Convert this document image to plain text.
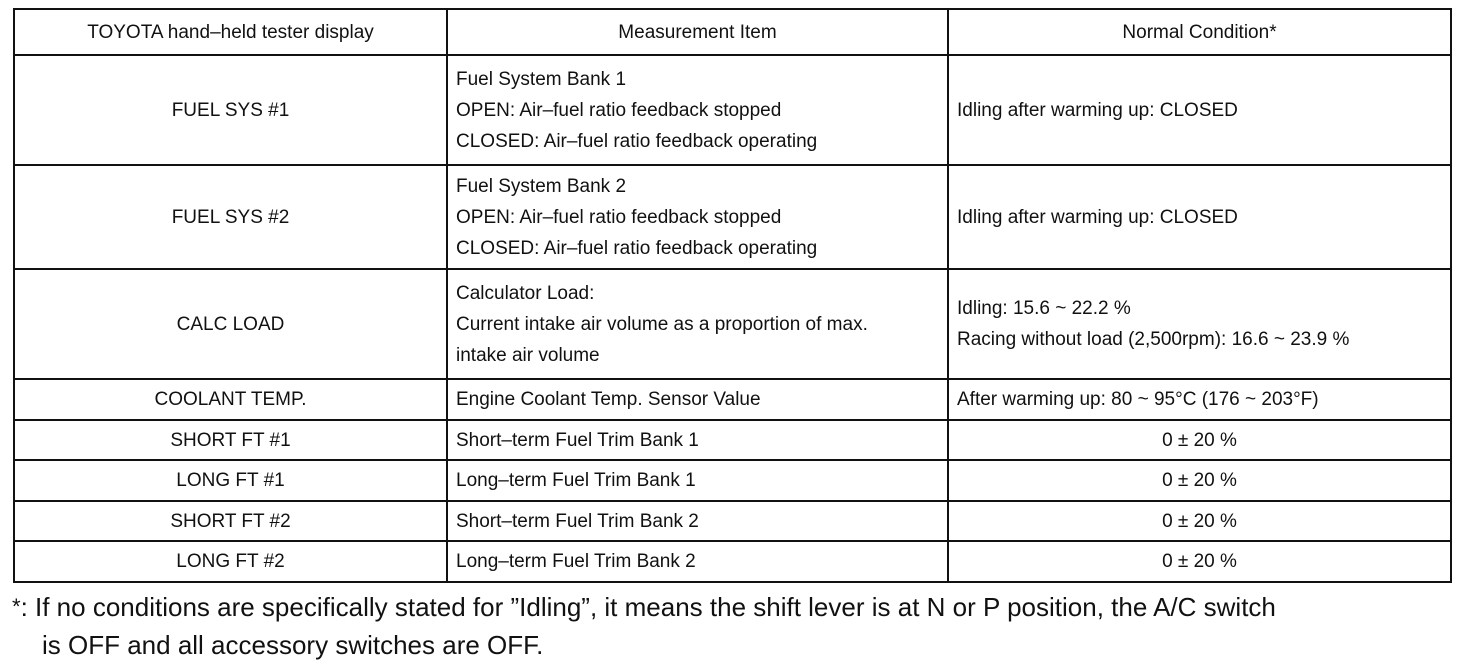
TOYOTA hand–held tester display	Measurement Item	Normal Condition*
FUEL SYS #1	Fuel System Bank 1
OPEN: Air–fuel ratio feedback stopped
CLOSED: Air–fuel ratio feedback operating	Idling after warming up: CLOSED

FUEL SYS #2	Fuel System Bank 2
OPEN: Air–fuel ratio feedback stopped
CLOSED: Air–fuel ratio feedback operating	Idling after warming up: CLOSED

CALC LOAD	Calculator Load:
Current intake air volume as a proportion of max.
intake air volume	Idling: 15.6 ~ 22.2 %
Racing without load (2,500rpm): 16.6 ~ 23.9 %

COOLANT TEMP.	Engine Coolant Temp. Sensor Value	After warming up: 80 ~ 95°C (176 ~ 203°F)
SHORT FT #1	Short–term Fuel Trim Bank 1	0 ± 20 %
LONG FT #1	Long–term Fuel Trim Bank 1	0 ± 20 %
SHORT FT #2	Short–term Fuel Trim Bank 2	0 ± 20 %
LONG FT #2	Long–term Fuel Trim Bank 2	0 ± 20 %
*: If no conditions are specifically stated for ”Idling”, it means the shift lever is at N or P position, the A/C switch
is OFF and all accessory switches are OFF.
